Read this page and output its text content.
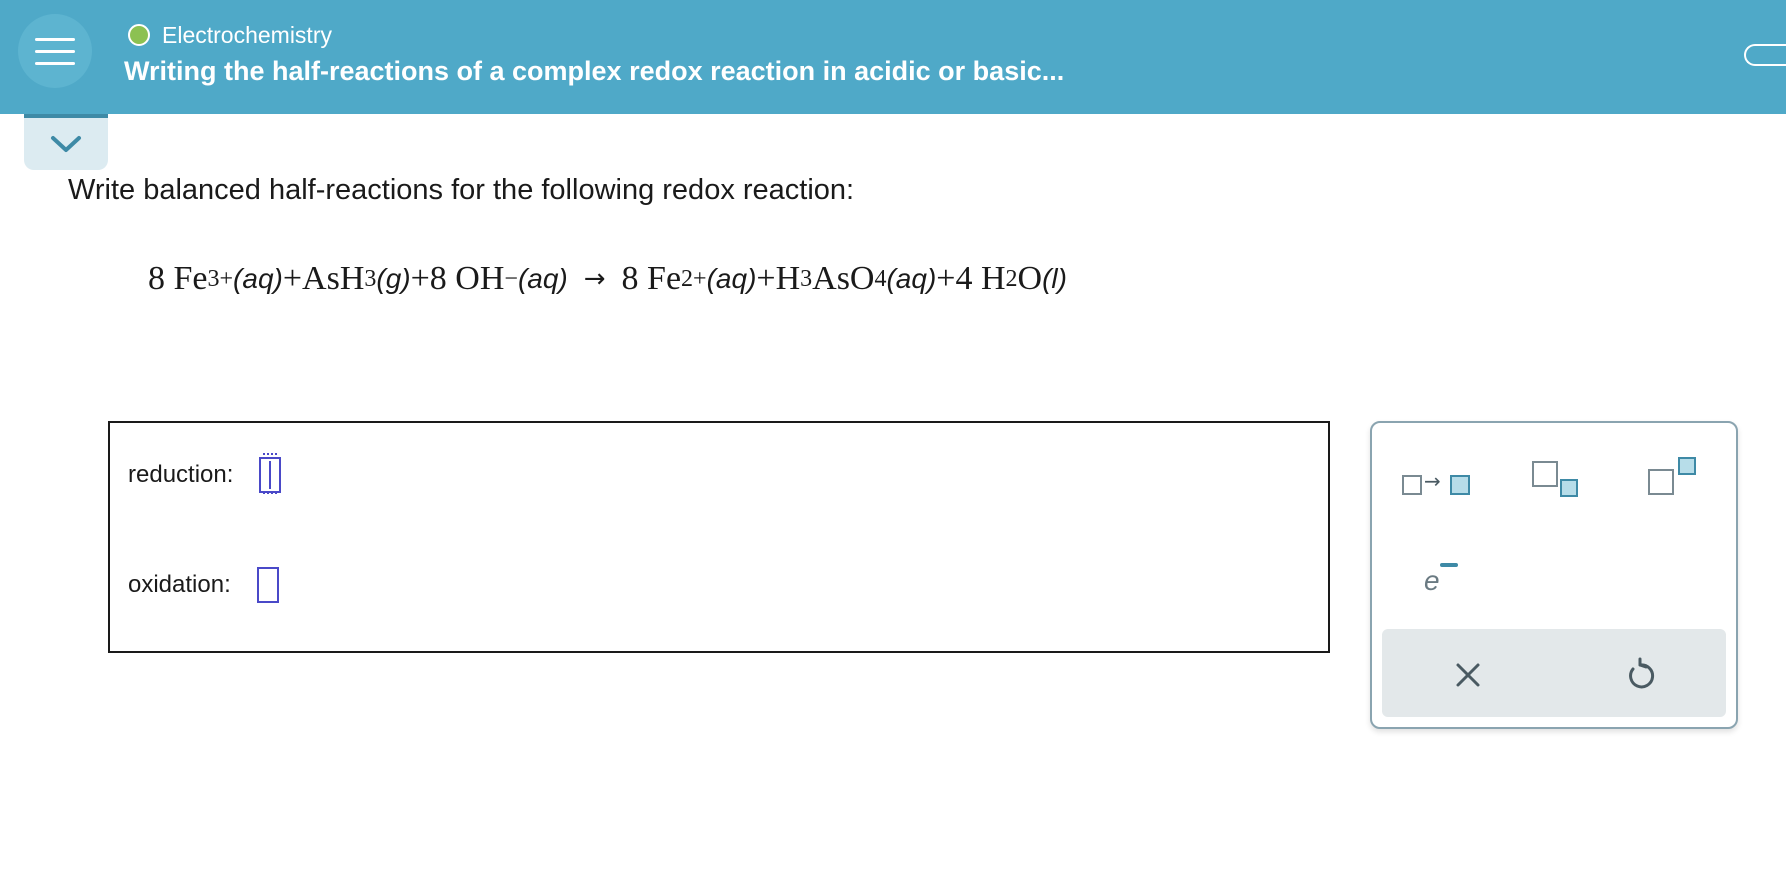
Electrochemistry
Writing the half-reactions of a complex redox reaction in acidic or basic...
Write balanced half-reactions for the following redox reaction:
8
Fe 3+ (aq) + AsH 3 (g) + 8
OH − (aq) → 8
Fe 2+ (aq) + H 3 AsO 4 (aq) + 4
H 2 O (l)
reduction:
oxidation:
→
e
